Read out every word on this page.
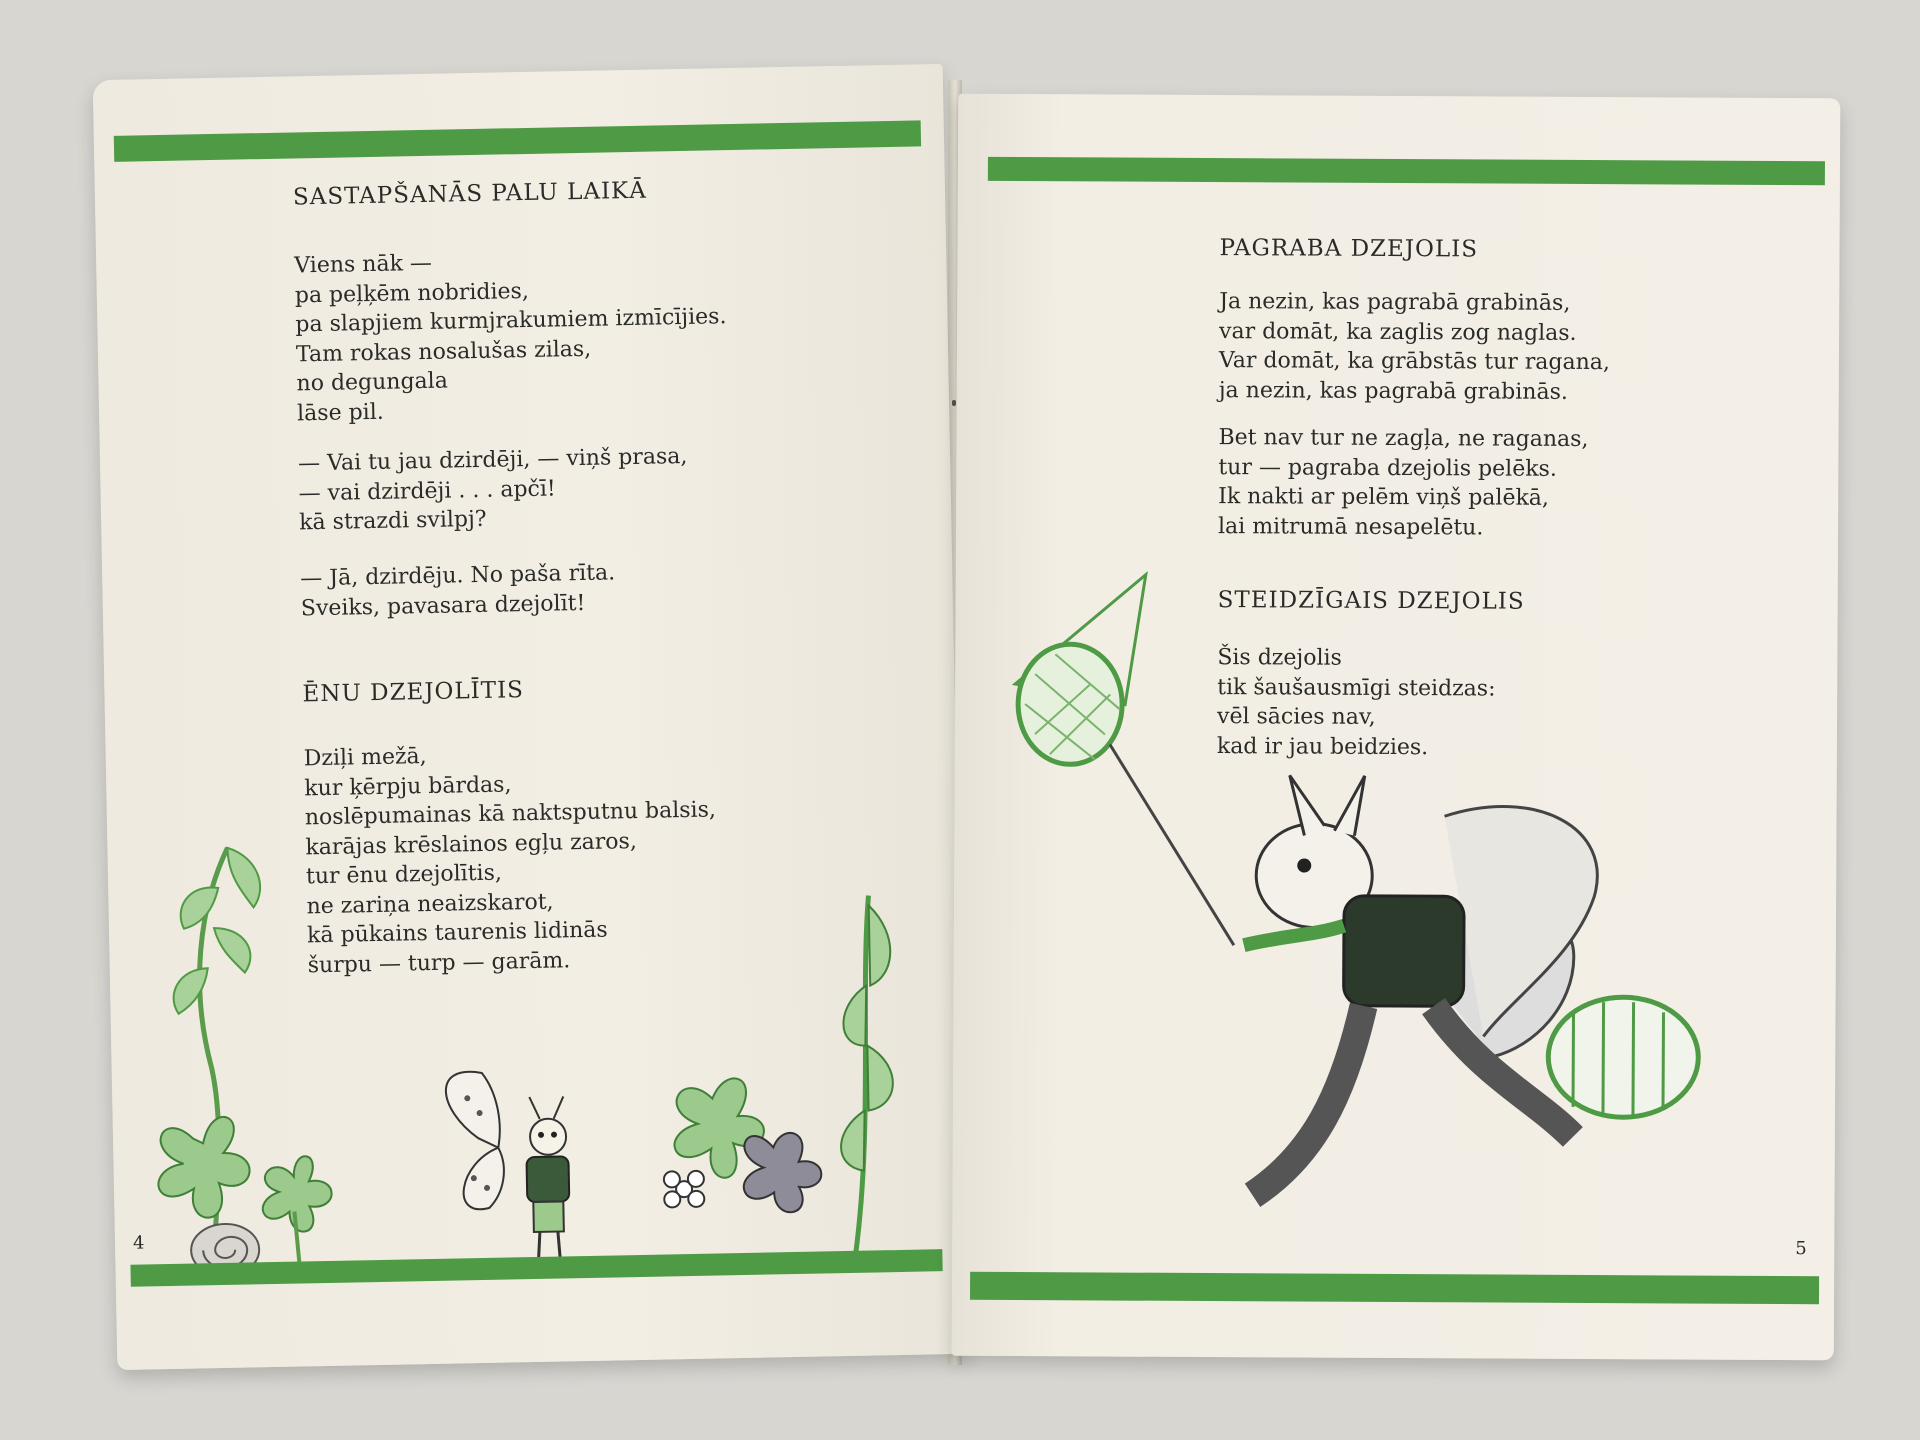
SASTAPŠANĀS PALU LAIKĀ
Viens nāk —
pa peļķēm nobridies,
pa slapjiem kurmjrakumiem izmīcījies.
Tam rokas nosalušas zilas,
no degungala
lāse pil.
— Vai tu jau dzirdēji, — viņš prasa,
— vai dzirdēji . . . apčī!
kā strazdi svilpj?
— Jā, dzirdēju. No paša rīta.
Sveiks, pavasara dzejolīt!
ĒNU DZEJOLĪTIS
Dziļi mežā,
kur ķērpju bārdas,
noslēpumainas kā naktsputnu balsis,
karājas krēslainos egļu zaros,
tur ēnu dzejolītis,
ne zariņa neaizskarot,
kā pūkains taurenis lidinās
šurpu — turp — garām.
4
PAGRABA DZEJOLIS
Ja nezin, kas pagrabā grabinās,
var domāt, ka zaglis zog naglas.
Var domāt, ka grābstās tur ragana,
ja nezin, kas pagrabā grabinās.
Bet nav tur ne zagļa, ne raganas,
tur — pagraba dzejolis pelēks.
Ik nakti ar pelēm viņš palēkā,
lai mitrumā nesapelētu.
STEIDZĪGAIS DZEJOLIS
Šis dzejolis
tik šaušausmīgi steidzas:
vēl sācies nav,
kad ir jau beidzies.
5
